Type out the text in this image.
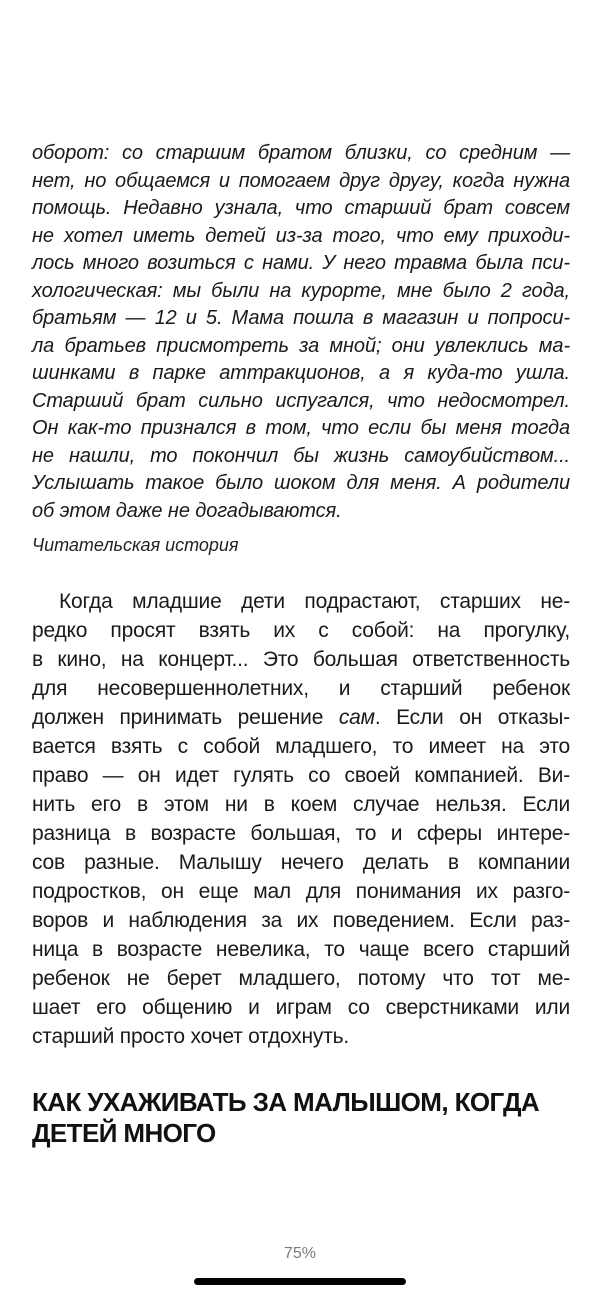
оборот: со старшим братом близки, со средним —
нет, но общаемся и помогаем друг другу, когда нужна
помощь. Недавно узнала, что старший брат совсем
не хотел иметь детей из-за того, что ему приходи-
лось много возиться с нами. У него травма была пси-
хологическая: мы были на курорте, мне было 2 года,
братьям — 12 и 5. Мама пошла в магазин и попроси-
ла братьев присмотреть за мной; они увлеклись ма-
шинками в парке аттракционов, а я куда-то ушла.
Старший брат сильно испугался, что недосмотрел.
Он как-то признался в том, что если бы меня тогда
не нашли, то покончил бы жизнь самоубийством...
Услышать такое было шоком для меня. А родители
об этом даже не догадываются.
Читательская история
Когда младшие дети подрастают, старших не-
редко просят взять их с собой: на прогулку,
в кино, на концерт... Это большая ответственность
для несовершеннолетних, и старший ребенок
должен принимать решение сам. Если он отказы-
вается взять с собой младшего, то имеет на это
право — он идет гулять со своей компанией. Ви-
нить его в этом ни в коем случае нельзя. Если
разница в возрасте большая, то и сферы интере-
сов разные. Малышу нечего делать в компании
подростков, он еще мал для понимания их разго-
воров и наблюдения за их поведением. Если раз-
ница в возрасте невелика, то чаще всего старший
ребенок не берет младшего, потому что тот ме-
шает его общению и играм со сверстниками или
старший просто хочет отдохнуть.
КАК УХАЖИВАТЬ ЗА МАЛЫШОМ, КОГДА
ДЕТЕЙ МНОГО
75%
